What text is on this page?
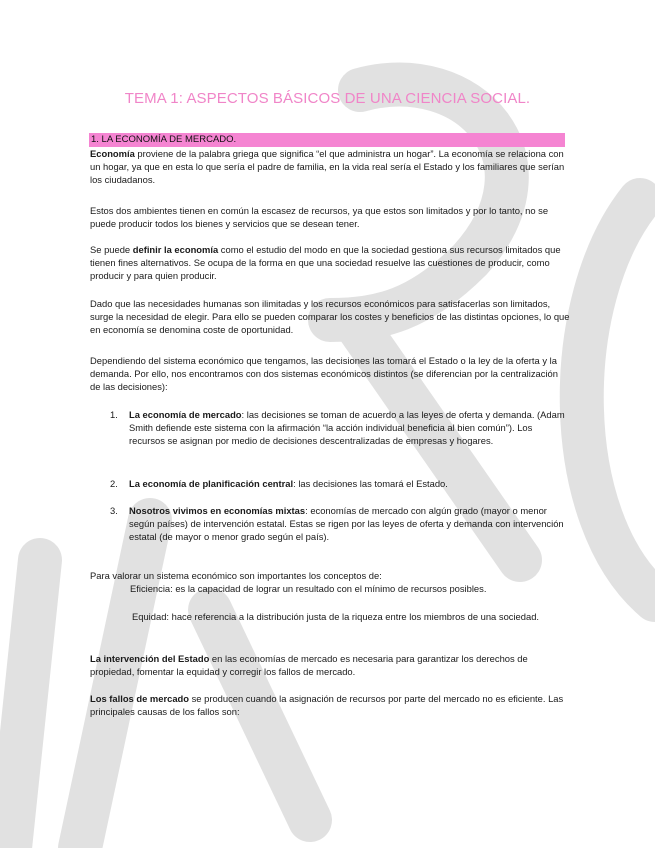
TEMA 1: ASPECTOS BÁSICOS DE UNA CIENCIA SOCIAL.
1. LA ECONOMÍA DE MERCADO.

Economía proviene de la palabra griega que significa “el que administra un hogar”. La economía se relaciona con un hogar, ya que en esta lo que sería el padre de familia, en la vida real sería el Estado y los familiares que serían los ciudadanos.

Estos dos ambientes tienen en común la escasez de recursos, ya que estos son limitados y por lo tanto, no se puede producir todos los bienes y servicios que se desean tener.

Se puede definir la economía como el estudio del modo en que la sociedad gestiona sus recursos limitados que tienen fines alternativos. Se ocupa de la forma en que una sociedad resuelve las cuestiones de producir, como producir y para quien producir.

Dado que las necesidades humanas son ilimitadas y los recursos económicos para satisfacerlas son limitados, surge la necesidad de elegir. Para ello se pueden comparar los costes y beneficios de las distintas opciones, lo que en economía se denomina coste de oportunidad.

Dependiendo del sistema económico que tengamos, las decisiones las tomará el Estado o la ley de la oferta y la demanda. Por ello, nos encontramos con dos sistemas económicos distintos (se diferencian por la centralización de las decisiones):

1.	La economía de mercado: las decisiones se toman de acuerdo a las leyes de oferta y demanda. (Adam Smith defiende este sistema con la afirmación “la acción individual beneficia al bien común”). Los recursos se asignan por medio de decisiones descentralizadas de empresas y hogares.
2.	La economía de planificación central: las decisiones las tomará el Estado.
3.	Nosotros vivimos en economías mixtas: economías de mercado con algún grado (mayor o menor según países) de intervención estatal. Estas se rigen por las leyes de oferta y demanda con intervención estatal (de mayor o menor grado según el país).

Para valorar un sistema económico son importantes los conceptos de:

Eficiencia: es la capacidad de lograr un resultado con el mínimo de recursos posibles.

Equidad: hace referencia a la distribución justa de la riqueza entre los miembros de una sociedad.

La intervención del Estado en las economías de mercado es necesaria para garantizar los derechos de propiedad, fomentar la equidad y corregir los fallos de mercado.

Los fallos de mercado se producen cuando la asignación de recursos por parte del mercado no es eficiente. Las principales causas de los fallos son:
